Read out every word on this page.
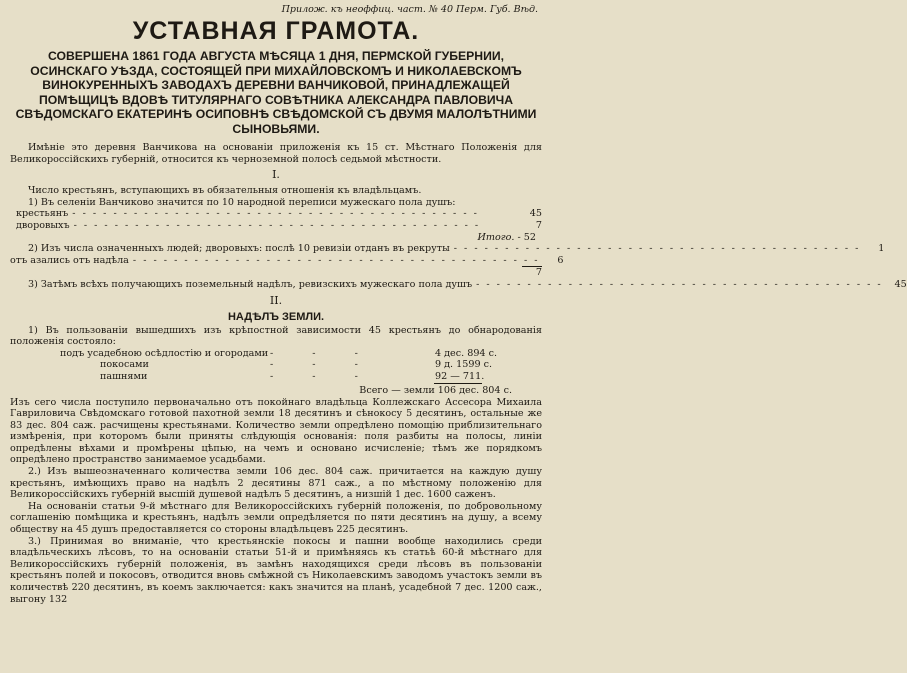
Прилож. къ неоффиц. част. № 40 Перм. Губ. Вѣд.
УСТАВНАЯ ГРАМОТА.
СОВЕРШЕНА 1861 ГОДА АВГУСТА МѢСЯЦА 1 ДНЯ, ПЕРМСКОЙ ГУБЕРНИИ, ОСИНСКАГО УѢЗДА, СОСТОЯЩЕЙ ПРИ МИХАЙЛОВСКОМЪ И НИКОЛАЕВСКОМЪ ВИНОКУРЕННЫХЪ ЗАВОДАХЪ ДЕРЕВНИ ВАНЧИКОВОЙ, ПРИНАДЛЕЖАЩЕЙ ПОМѢЩИЦѢ ВДОВѢ ТИТУЛЯРНАГО СОВѢТНИКА АЛЕКСАНДРА ПАВЛОВИЧА СВѢДОМСКАГО ЕКАТЕРИНѢ ОСИПОВНѢ СВѢДОМСКОЙ СЪ ДВУМЯ МАЛОЛѢТНИМИ СЫНОВЬЯМИ.

Имѣніе это деревня Ванчикова на основаніи приложенія къ 15 ст. Мѣстнаго Положенія для Великороссійскихъ губерній, относится къ черноземной полосѣ седьмой мѣстности.

I.

Число крестьянъ, вступающихъ въ обязательныя отношенія къ владѣльцамъ.

1) Въ селеніи Ванчиково значится по 10 народной переписи мужескаго пола душъ:

крестьянъ - - - - - - - - - - - - - - - - - - - - - - - - - - - - - - - - - - - - - - - -	45
дворовыхъ - - - - - - - - - - - - - - - - - - - - - - - - - - - - - - - - - - - - - - - -	7
Итого. - 52
2) Изъ числа означенныхъ людей; дворовыхъ: послѣ 10 ревизіи отданъ въ рекруты - - - - - - - - - - - - - - - - - - - - - - - - - - - - - - - - - - - - - - - -	1
отъ азались отъ надѣла - - - - - - - - - - - - - - - - - - - - - - - - - - - - - - - - - - - - - - - -	6
7
3) Затѣмъ всѣхъ получающихъ поземельный надѣлъ, ревизскихъ мужескаго пола душъ - - - - - - - - - - - - - - - - - - - - - - - - - - - - - - - - - - - - - - - -	45
II.
НАДѢЛЪ ЗЕМЛИ.

1) Въ пользованіи вышедшихъ изъ крѣпостной зависимости 45 крестьянъ до обнародованія положенія состояло:

подъ усадебною осѣдлостію и огородами - - -	4 дес. 894 с.
покосами	- - -	9 д. 1599 с.
пашнями	- - -	92 — 711.
Всего — земли 106 дес. 804 с.

Изъ сего числа поступило первоначально отъ покойнаго владѣльца Коллежскаго Ассесора Михаила Гавриловича Свѣдомскаго готовой пахотной земли 18 десятинъ и сѣнокосу 5 десятинъ, остальные же 83 дес. 804 саж. расчищены крестьянами. Количество земли опредѣлено помощію приблизительнаго измѣренія, при которомъ были приняты слѣдующія основанія: поля разбиты на полосы, линіи опредѣлены вѣхами и промѣрены цѣпью, на чемъ и основано исчисленіе; тѣмъ же порядкомъ опредѣлено пространство занимаемое усадьбами.

2.) Изъ вышеозначеннаго количества земли 106 дес. 804 саж. причитается на каждую душу крестьянъ, имѣющихъ право на надѣлъ 2 десятины 871 саж., а по мѣстному положенію для Великороссійскихъ губерній высшій душевой надѣлъ 5 десятинъ, а низшій 1 дес. 1600 саженъ.

На основаніи статьи 9-й мѣстнаго для Великороссійскихъ губерній положенія, по добровольному соглашенію помѣщика и крестьянъ, надѣлъ земли опредѣляется по пяти десятинъ на душу, а всему обществу на 45 душъ предоставляется со стороны владѣльцевъ 225 десятинъ.

3.) Принимая во вниманіе, что крестьянскіе покосы и пашни вообще находились среди владѣльческихъ лѣсовъ, то на основаніи статьи 51-й и примѣняясь къ статьѣ 60-й мѣстнаго для Великороссійскихъ губерній положенія, въ замѣнъ находящихся среди лѣсовъ въ пользованіи крестьянъ полей и покосовъ, отводится вновь смѣжной съ Николаевскимъ заводомъ участокъ земли въ количествѣ 220 десятинъ, въ коемъ заключается: какъ значится на планѣ, усадебной 7 дес. 1200 саж., выгону 132
